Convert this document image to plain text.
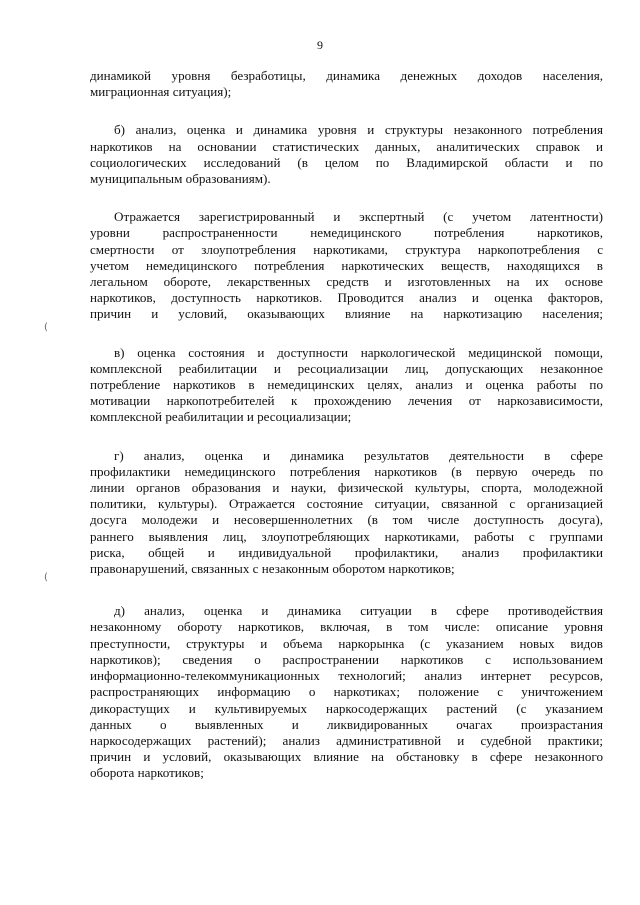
9

динамикой уровня безработицы, динамика денежных доходов населения,
миграционная ситуация);

б) анализ, оценка и динамика уровня и структуры незаконного потребления
наркотиков на основании статистических данных, аналитических справок и
социологических исследований (в целом по Владимирской области и по
муниципальным образованиям).

Отражается зарегистрированный и экспертный (с учетом латентности)
уровни распространенности немедицинского потребления наркотиков,
смертности от злоупотребления наркотиками, структура наркопотребления с
учетом немедицинского потребления наркотических веществ, находящихся в
легальном обороте, лекарственных средств и изготовленных на их основе
наркотиков, доступность наркотиков. Проводится анализ и оценка факторов,
причин и условий, оказывающих влияние на наркотизацию населения;

в) оценка состояния и доступности наркологической медицинской помощи,
комплексной реабилитации и ресоциализации лиц, допускающих незаконное
потребление наркотиков в немедицинских целях, анализ и оценка работы по
мотивации наркопотребителей к прохождению лечения от наркозависимости,
комплексной реабилитации и ресоциализации;

г) анализ, оценка и динамика результатов деятельности в сфере
профилактики немедицинского потребления наркотиков (в первую очередь по
линии органов образования и науки, физической культуры, спорта, молодежной
политики, культуры). Отражается состояние ситуации, связанной с организацией
досуга молодежи и несовершеннолетних (в том числе доступность досуга),
раннего выявления лиц, злоупотребляющих наркотиками, работы с группами
риска, общей и индивидуальной профилактики, анализ профилактики
правонарушений, связанных с незаконным оборотом наркотиков;

д) анализ, оценка и динамика ситуации в сфере противодействия
незаконному обороту наркотиков, включая, в том числе: описание уровня
преступности, структуры и объема наркорынка (с указанием новых видов
наркотиков); сведения о распространении наркотиков с использованием
информационно-телекоммуникационных технологий; анализ интернет ресурсов,
распространяющих информацию о наркотиках; положение с уничтожением
дикорастущих и культивируемых наркосодержащих растений (с указанием
данных о выявленных и ликвидированных очагах произрастания
наркосодержащих растений); анализ административной и судебной практики;
причин и условий, оказывающих влияние на обстановку в сфере незаконного
оборота наркотиков;

(
(
